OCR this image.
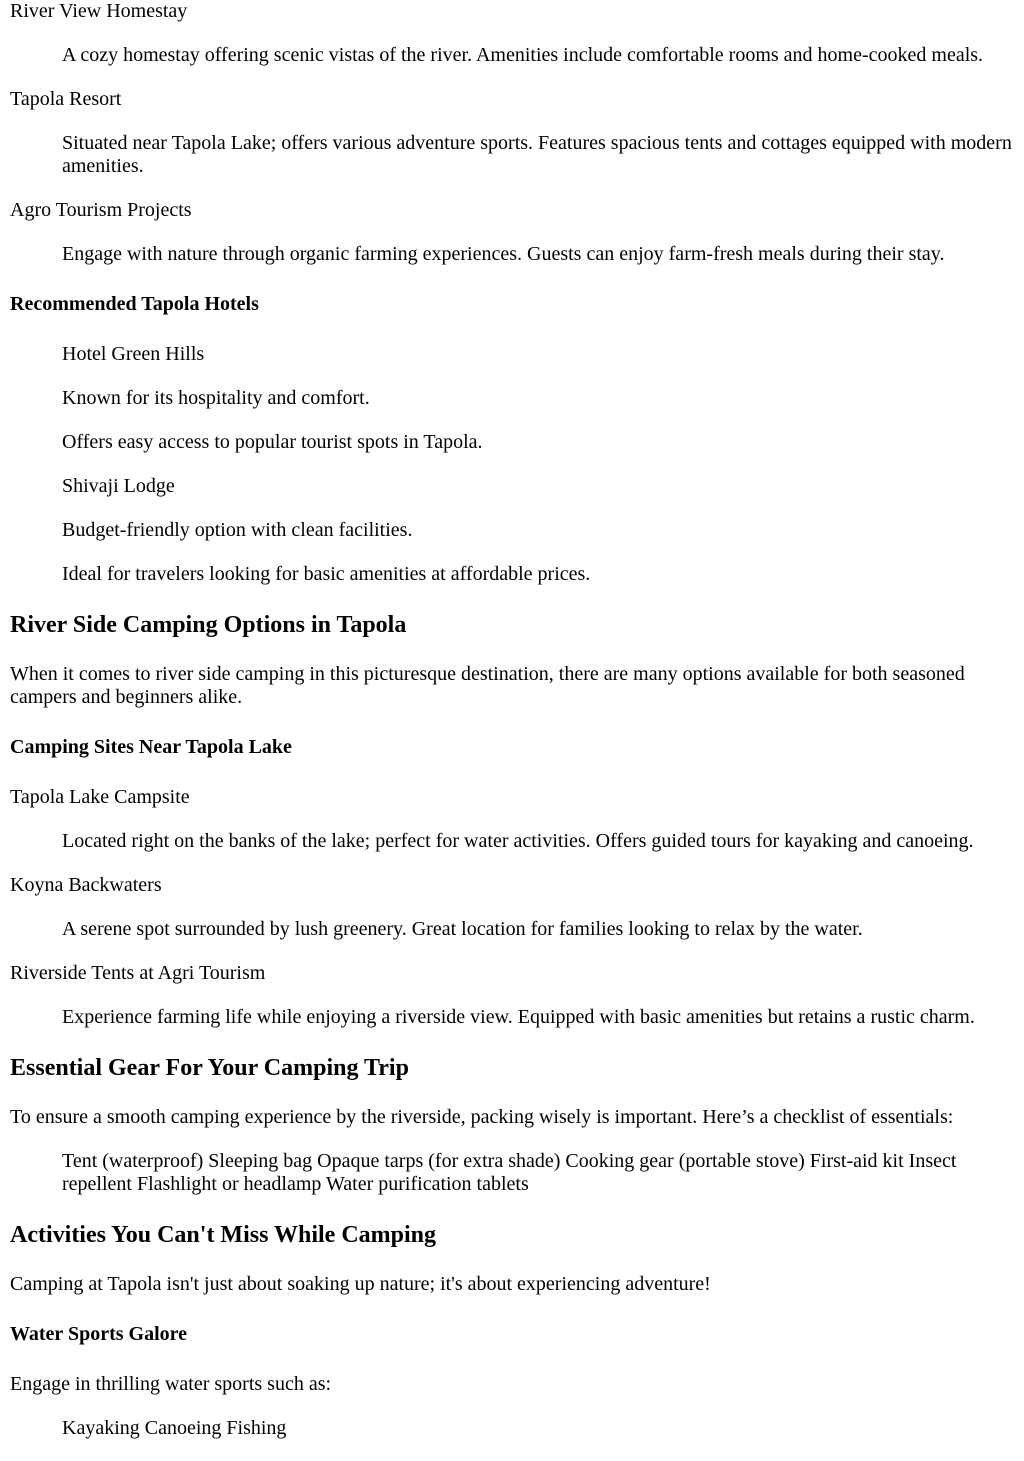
River View Homestay
A cozy homestay offering scenic vistas of the river. Amenities include comfortable rooms and home-cooked meals.
Tapola Resort
Situated near Tapola Lake; offers various adventure sports. Features spacious tents and cottages equipped with modern amenities.
Agro Tourism Projects
Engage with nature through organic farming experiences. Guests can enjoy farm-fresh meals during their stay.
Recommended Tapola Hotels
Hotel Green Hills
Known for its hospitality and comfort.
Offers easy access to popular tourist spots in Tapola.
Shivaji Lodge
Budget-friendly option with clean facilities.
Ideal for travelers looking for basic amenities at affordable prices.
River Side Camping Options in Tapola

When it comes to river side camping in this picturesque destination, there are many options available for both seasoned campers and beginners alike.

Camping Sites Near Tapola Lake
Tapola Lake Campsite
Located right on the banks of the lake; perfect for water activities. Offers guided tours for kayaking and canoeing.
Koyna Backwaters
A serene spot surrounded by lush greenery. Great location for families looking to relax by the water.
Riverside Tents at Agri Tourism
Experience farming life while enjoying a riverside view. Equipped with basic amenities but retains a rustic charm.
Essential Gear For Your Camping Trip

To ensure a smooth camping experience by the riverside, packing wisely is important. Here’s a checklist of essentials:

Tent (waterproof) Sleeping bag Opaque tarps (for extra shade) Cooking gear (portable stove) First-aid kit Insect repellent Flashlight or headlamp Water purification tablets
Activities You Can't Miss While Camping

Camping at Tapola isn't just about soaking up nature; it's about experiencing adventure!

Water Sports Galore

Engage in thrilling water sports such as:

Kayaking Canoeing Fishing
